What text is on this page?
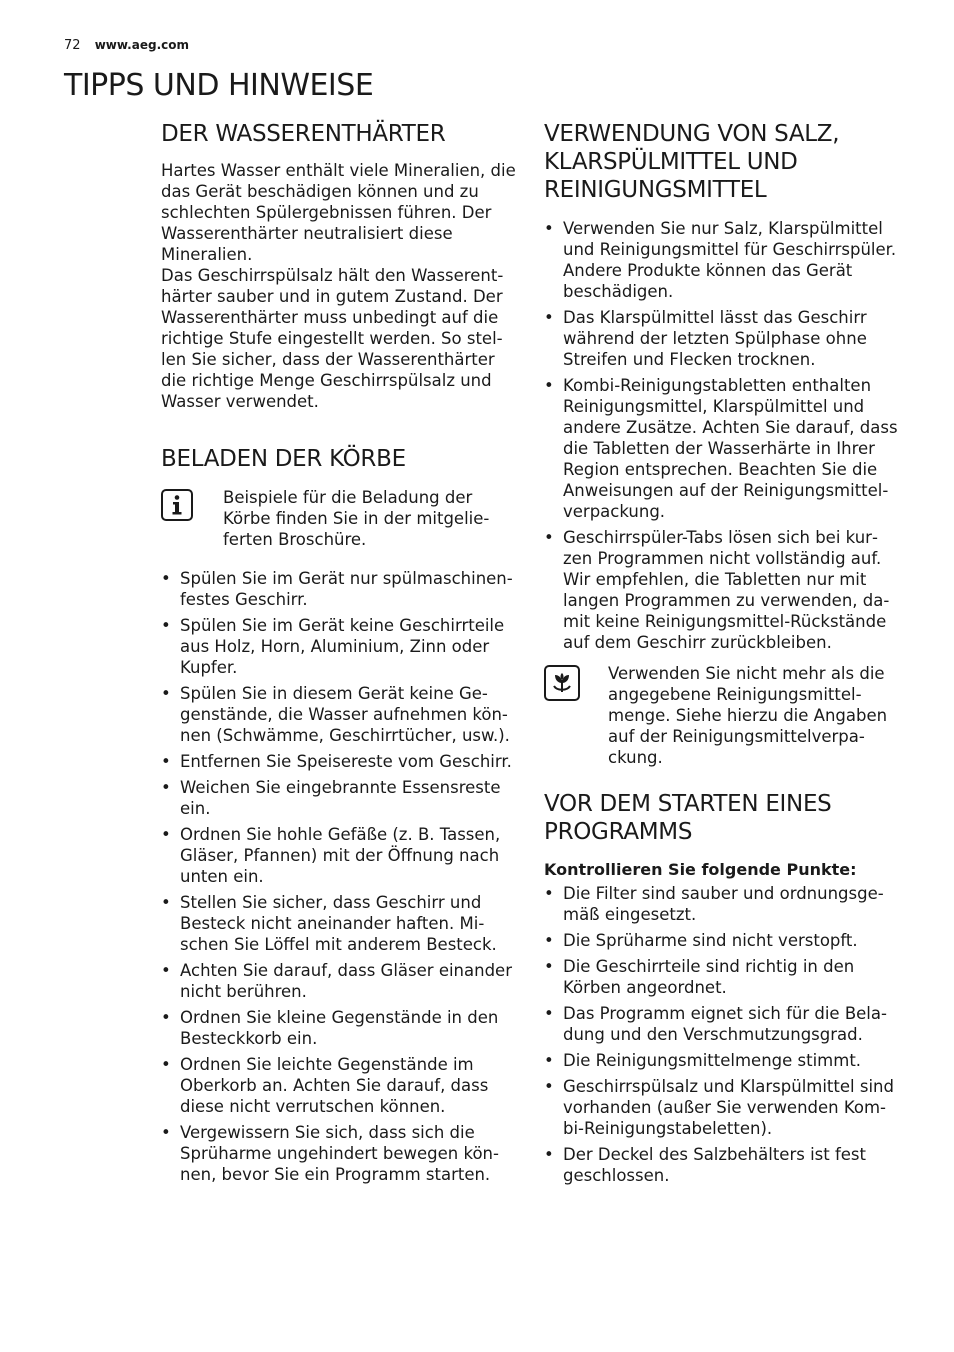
72 www.aeg.com
TIPPS UND HINWEISE
DER WASSERENTHÄRTER

Hartes Wasser enthält viele Mineralien, die das Gerät beschädigen können und zu schlechten Spülergebnissen führen. Der Wasserenthärter neutralisiert diese Mineralien.

Das Geschirrspülsalz hält den Wasserenthärter sauber und in gutem Zustand. Der Wasserenthärter muss unbedingt auf die richtige Stufe eingestellt werden. So stellen Sie sicher, dass der Wasserenthärter die richtige Menge Geschirrspülsalz und Wasser verwendet.

BELADEN DER KÖRBE
Beispiele für die Beladung der Körbe finden Sie in der mitgelieferten Broschüre.
• Spülen Sie im Gerät nur spülmaschinenfestes Geschirr.
• Spülen Sie im Gerät keine Geschirrteile aus Holz, Horn, Aluminium, Zinn oder Kupfer.
• Spülen Sie in diesem Gerät keine Gegenstände, die Wasser aufnehmen können (Schwämme, Geschirrtücher, usw.).
• Entfernen Sie Speisereste vom Geschirr.
• Weichen Sie eingebrannte Essensreste ein.
• Ordnen Sie hohle Gefäße (z. B. Tassen, Gläser, Pfannen) mit der Öffnung nach unten ein.
• Stellen Sie sicher, dass Geschirr und Besteck nicht aneinander haften. Mischen Sie Löffel mit anderem Besteck.
• Achten Sie darauf, dass Gläser einander nicht berühren.
• Ordnen Sie kleine Gegenstände in den Besteckkorb ein.
• Ordnen Sie leichte Gegenstände im Oberkorb an. Achten Sie darauf, dass diese nicht verrutschen können.
• Vergewissern Sie sich, dass sich die Sprüharme ungehindert bewegen können, bevor Sie ein Programm starten.
VERWENDUNG VON SALZ, KLARSPÜLMITTEL UND REINIGUNGSMITTEL
• Verwenden Sie nur Salz, Klarspülmittel und Reinigungsmittel für Geschirrspüler. Andere Produkte können das Gerät beschädigen.
• Das Klarspülmittel lässt das Geschirr während der letzten Spülphase ohne Streifen und Flecken trocknen.
• Kombi-Reinigungstabletten enthalten Reinigungsmittel, Klarspülmittel und andere Zusätze. Achten Sie darauf, dass die Tabletten der Wasserhärte in Ihrer Region entsprechen. Beachten Sie die Anweisungen auf der Reinigungsmittelverpackung.
• Geschirrspüler-Tabs lösen sich bei kurzen Programmen nicht vollständig auf. Wir empfehlen, die Tabletten nur mit langen Programmen zu verwenden, damit keine Reinigungsmittel-Rückstände auf dem Geschirr zurückbleiben.
Verwenden Sie nicht mehr als die angegebene Reinigungsmittelmenge. Siehe hierzu die Angaben auf der Reinigungsmittelverpackung.
VOR DEM STARTEN EINES PROGRAMMS
Kontrollieren Sie folgende Punkte:
• Die Filter sind sauber und ordnungsgemäß eingesetzt.
• Die Sprüharme sind nicht verstopft.
• Die Geschirrteile sind richtig in den Körben angeordnet.
• Das Programm eignet sich für die Beladung und den Verschmutzungsgrad.
• Die Reinigungsmittelmenge stimmt.
• Geschirrspülsalz und Klarspülmittel sind vorhanden (außer Sie verwenden Kombi-Reinigungstabeletten).
• Der Deckel des Salzbehälters ist fest geschlossen.
